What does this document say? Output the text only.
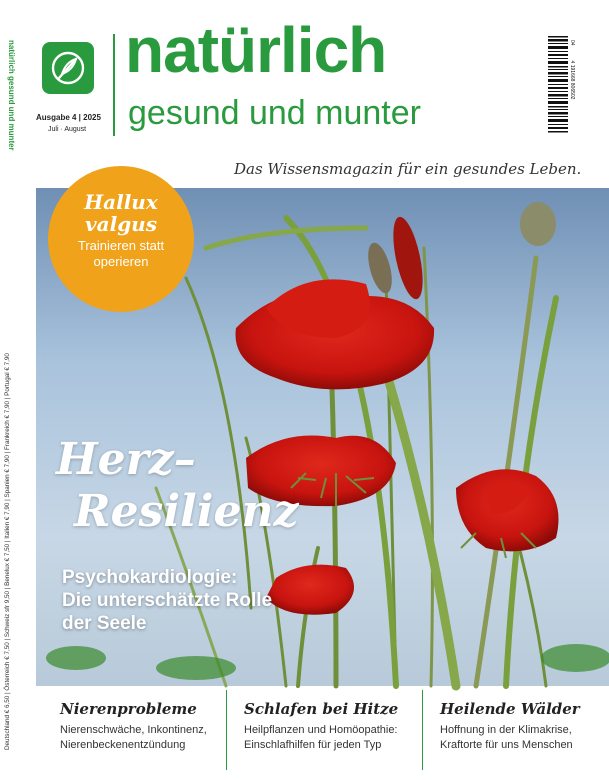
natürlich gesund und munter	Ausgabe 4 | 2025
Juli · August
natürlich
gesund und munter
4 191668 806502
04
Das Wissensmagazin für ein gesundes Leben.
Hallux
valgus
Trainieren statt
operieren
Herz–
Resilienz
Psychokardiologie:
Die unterschätzte Rolle
der Seele
Nierenprobleme
Nierenschwäche, Inkontinenz,
Nierenbeckenentzündung
Schlafen bei Hitze
Heilpflanzen und Homöopathie:
Einschlafhilfen für jeden Typ
Heilende Wälder
Hoffnung in der Klimakrise,
Kraftorte für uns Menschen
Deutschland € 6,50 | Österreich € 7,50 | Schweiz sfr 9,50 | Benelux € 7,50 | Italien € 7,90 | Spanien € 7,90 | Frankreich € 7,90 | Portugal € 7,90
